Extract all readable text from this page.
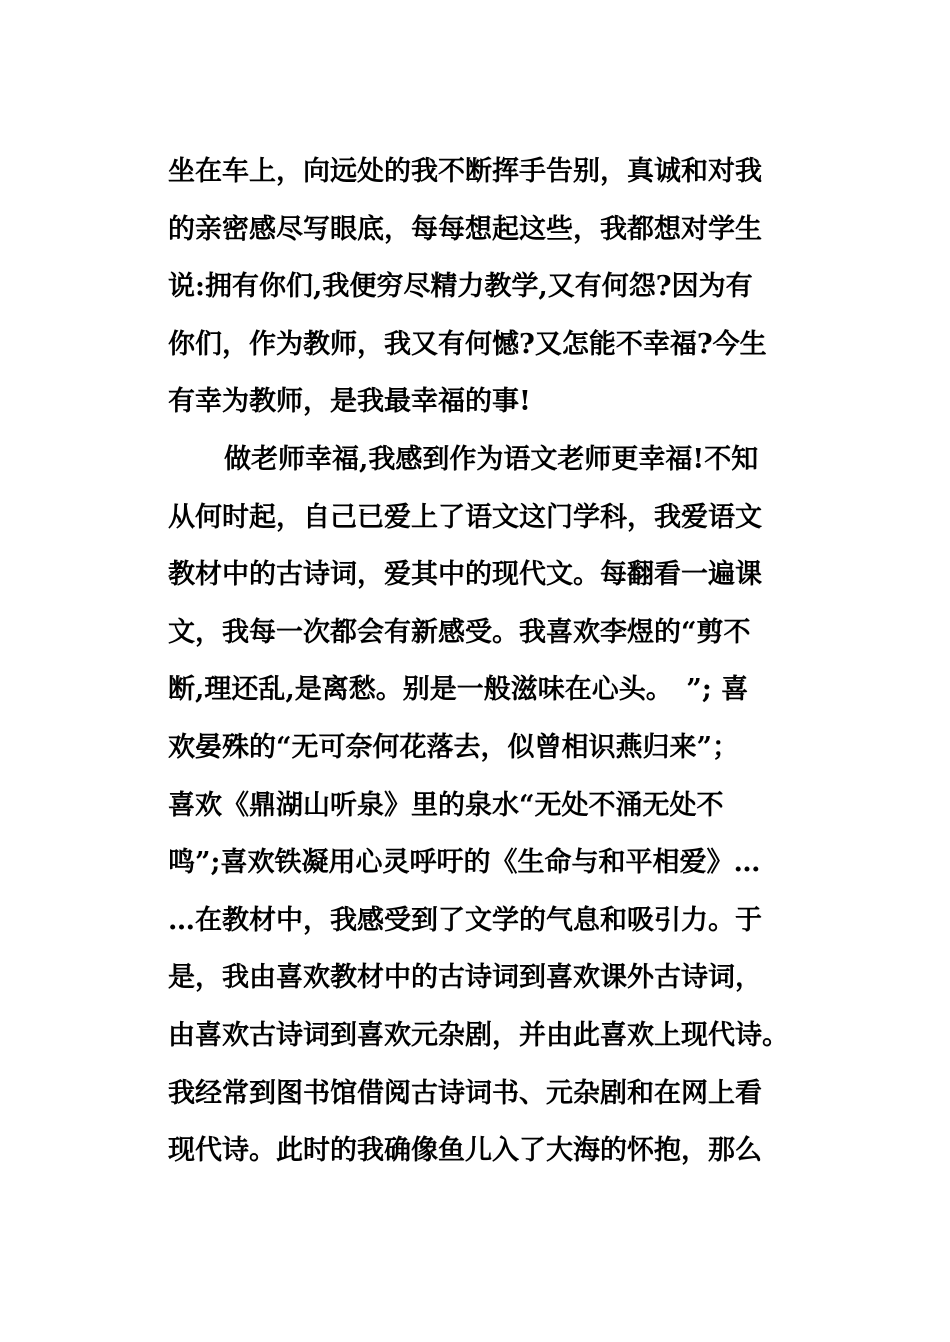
坐在车上，向远处的我不断挥手告别，真诚和对我
的亲密感尽写眼底，每每想起这些，我都想对学生
说:拥有你们,我便穷尽精力教学,又有何怨?因为有
你们，作为教师，我又有何憾?又怎能不幸福?今生
有幸为教师，是我最幸福的事!
做老师幸福,我感到作为语文老师更幸福!不知
从何时起，自己已爱上了语文这门学科，我爱语文
教材中的古诗词，爱其中的现代文。每翻看一遍课
文，我每一次都会有新感受。我喜欢李煜的“剪不
断,理还乱,是离愁。别是一般滋味在心头。　”; 喜
欢晏殊的“无可奈何花落去，似曾相识燕归来”；
喜欢《鼎湖山听泉》里的泉水“无处不涌无处不
鸣”;喜欢铁凝用心灵呼吁的《生命与和平相爱》…
…在教材中，我感受到了文学的气息和吸引力。于
是，我由喜欢教材中的古诗词到喜欢课外古诗词，
由喜欢古诗词到喜欢元杂剧，并由此喜欢上现代诗。
我经常到图书馆借阅古诗词书、元杂剧和在网上看
现代诗。此时的我确像鱼儿入了大海的怀抱，那么
